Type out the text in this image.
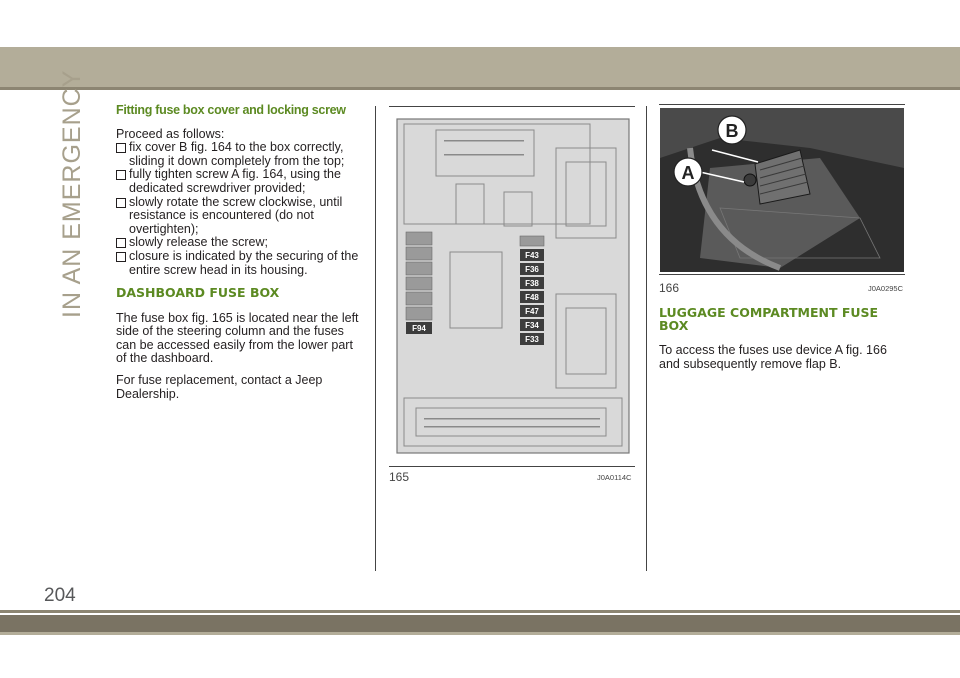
IN AN EMERGENCY
204
Fitting fuse box cover and locking screw
Proceed as follows:
fix cover B fig. 164 to the box correctly, sliding it down completely from the top;
fully tighten screw A fig. 164, using the dedicated screwdriver provided;
slowly rotate the screw clockwise, until resistance is encountered (do not overtighten);
slowly release the screw;
closure is indicated by the securing of the entire screw head in its housing.
DASHBOARD FUSE BOX

The fuse box fig. 165 is located near the left side of the steering column and the fuses can be accessed easily from the lower part of the dashboard.

For fuse replacement, contact a Jeep Dealership.

F94
F43
F36
F38
F48
F47
F34
F33
165	J0A0114C
B
A
166	J0A0295C
LUGGAGE COMPARTMENT FUSE BOX

To access the fuses use device A fig. 166 and subsequently remove flap B.
